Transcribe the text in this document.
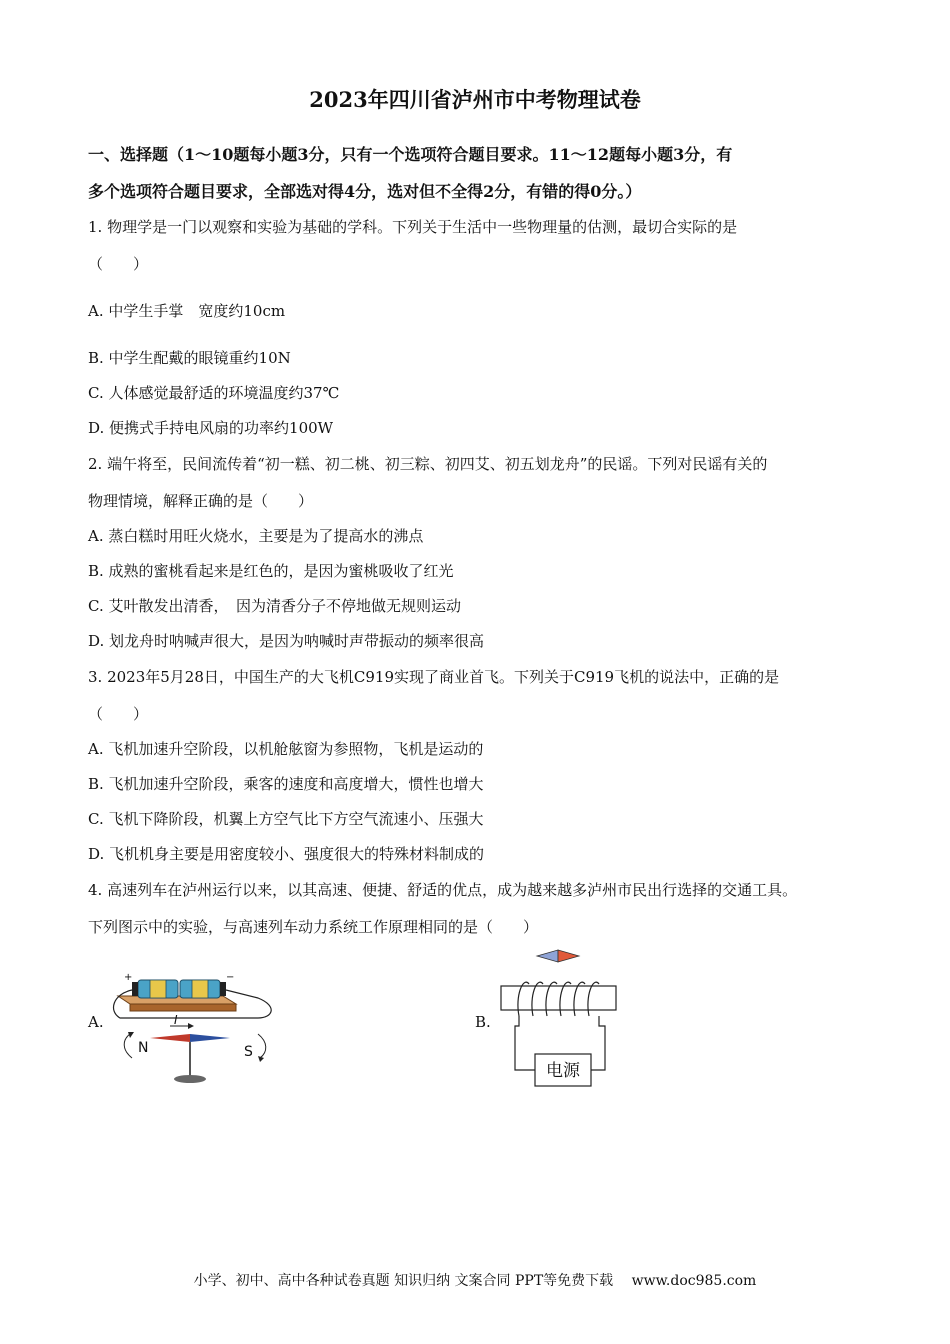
2023年四川省泸州市中考物理试卷
一、选择题（1～10题每小题3分，只有一个选项符合题目要求。11～12题每小题3分，有
多个选项符合题目要求，全部选对得4分，选对但不全得2分，有错的得0分。）
1. 物理学是一门以观察和实验为基础的学科。下列关于生活中一些物理量的估测，最切合实际的是
（　　）
A. 中学生手掌　宽度约10cm
B. 中学生配戴的眼镜重约10N
C. 人体感觉最舒适的环境温度约37℃
D. 便携式手持电风扇的功率约100W
2. 端午将至，民间流传着“初一糕、初二桃、初三粽、初四艾、初五划龙舟”的民谣。下列对民谣有关的
物理情境，解释正确的是（　　）
A. 蒸白糕时用旺火烧水，主要是为了提高水的沸点
B. 成熟的蜜桃看起来是红色的，是因为蜜桃吸收了红光
C. 艾叶散发出清香，　因为清香分子不停地做无规则运动
D. 划龙舟时呐喊声很大，是因为呐喊时声带振动的频率很高
3. 2023年5月28日，中国生产的大飞机C919实现了商业首飞。下列关于C919飞机的说法中，正确的是
（　　）
A. 飞机加速升空阶段，以机舱舷窗为参照物，飞机是运动的
B. 飞机加速升空阶段，乘客的速度和高度增大，惯性也增大
C. 飞机下降阶段，机翼上方空气比下方空气流速小、压强大
D. 飞机机身主要是用密度较小、强度很大的特殊材料制成的
4. 高速列车在泸州运行以来，以其高速、便捷、舒适的优点，成为越来越多泸州市民出行选择的交通工具。
下列图示中的实验，与高速列车动力系统工作原理相同的是（　　）
A.
+	−
I
N	S
B.
电源
小学、初中、高中各种试卷真题 知识归纳 文案合同 PPT等免费下载　 www.doc985.com
